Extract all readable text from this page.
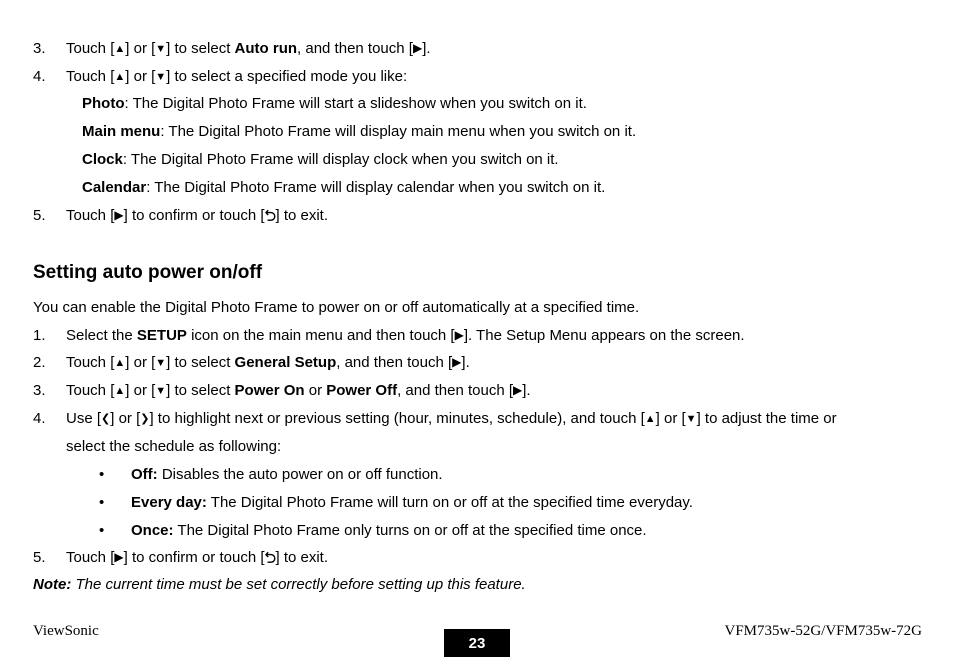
3. Touch [▲] or [▼] to select Auto run, and then touch [▶].
4. Touch [▲] or [▼] to select a specified mode you like:
Photo: The Digital Photo Frame will start a slideshow when you switch on it.
Main menu: The Digital Photo Frame will display main menu when you switch on it.
Clock: The Digital Photo Frame will display clock when you switch on it.
Calendar: The Digital Photo Frame will display calendar when you switch on it.
5. Touch [▶] to confirm or touch [ ] to exit.
Setting auto power on/off
You can enable the Digital Photo Frame to power on or off automatically at a specified time.
1. Select the SETUP icon on the main menu and then touch [▶]. The Setup Menu appears on the screen.
2. Touch [▲] or [▼] to select General Setup, and then touch [▶].
3. Touch [▲] or [▼] to select Power On or Power Off, and then touch [▶].
4. Use [❮] or [❯] to highlight next or previous setting (hour, minutes, schedule), and touch [▲] or [▼] to adjust the time or
select the schedule as following:
• Off: Disables the auto power on or off function.
• Every day: The Digital Photo Frame will turn on or off at the specified time everyday.
• Once: The Digital Photo Frame only turns on or off at the specified time once.
5. Touch [▶] to confirm or touch [ ] to exit.
Note: The current time must be set correctly before setting up this feature.
ViewSonic
23
VFM735w-52G/VFM735w-72G
